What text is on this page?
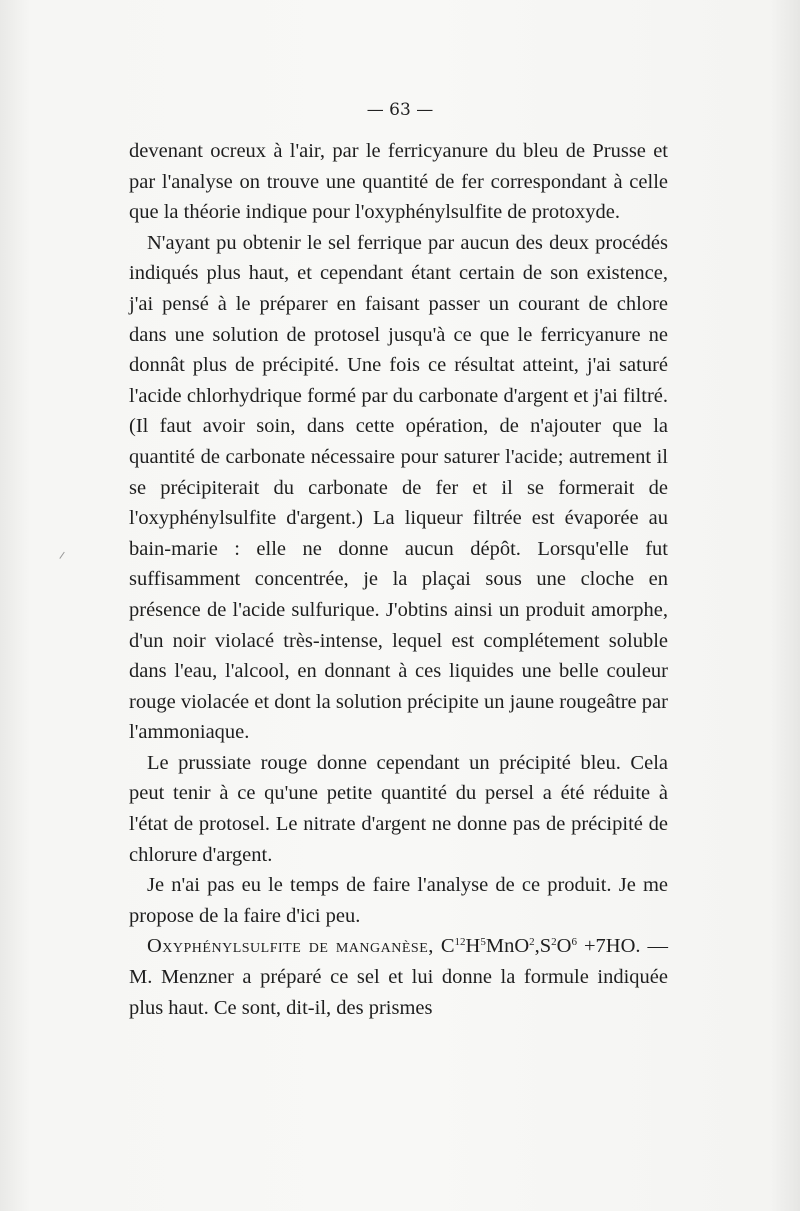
— 63 —

devenant ocreux à l'air, par le ferricyanure du bleu de Prusse et par l'analyse on trouve une quantité de fer correspondant à celle que la théorie indique pour l'oxyphénylsulfite de protoxyde.

N'ayant pu obtenir le sel ferrique par aucun des deux procédés indiqués plus haut, et cependant étant certain de son existence, j'ai pensé à le préparer en faisant passer un courant de chlore dans une solution de protosel jusqu'à ce que le ferricyanure ne donnât plus de précipité. Une fois ce résultat atteint, j'ai saturé l'acide chlorhydrique formé par du carbonate d'argent et j'ai filtré. (Il faut avoir soin, dans cette opération, de n'ajouter que la quantité de carbonate nécessaire pour saturer l'acide; autrement il se précipiterait du carbonate de fer et il se formerait de l'oxyphénylsulfite d'argent.) La liqueur filtrée est évaporée au bain-marie : elle ne donne aucun dépôt. Lorsqu'elle fut suffisamment concentrée, je la plaçai sous une cloche en présence de l'acide sulfurique. J'obtins ainsi un produit amorphe, d'un noir violacé très-intense, lequel est complétement soluble dans l'eau, l'alcool, en donnant à ces liquides une belle couleur rouge violacée et dont la solution précipite un jaune rougeâtre par l'ammoniaque.

Le prussiate rouge donne cependant un précipité bleu. Cela peut tenir à ce qu'une petite quantité du persel a été réduite à l'état de protosel. Le nitrate d'argent ne donne pas de précipité de chlorure d'argent.

Je n'ai pas eu le temps de faire l'analyse de ce produit. Je me propose de la faire d'ici peu.

Oxyphénylsulfite de manganèse, $C^{12}H^5MnO^2,S^2O^6 +7HO$. — M. Menzner a préparé ce sel et lui donne la formule indiquée plus haut. Ce sont, dit-il, des prismes
